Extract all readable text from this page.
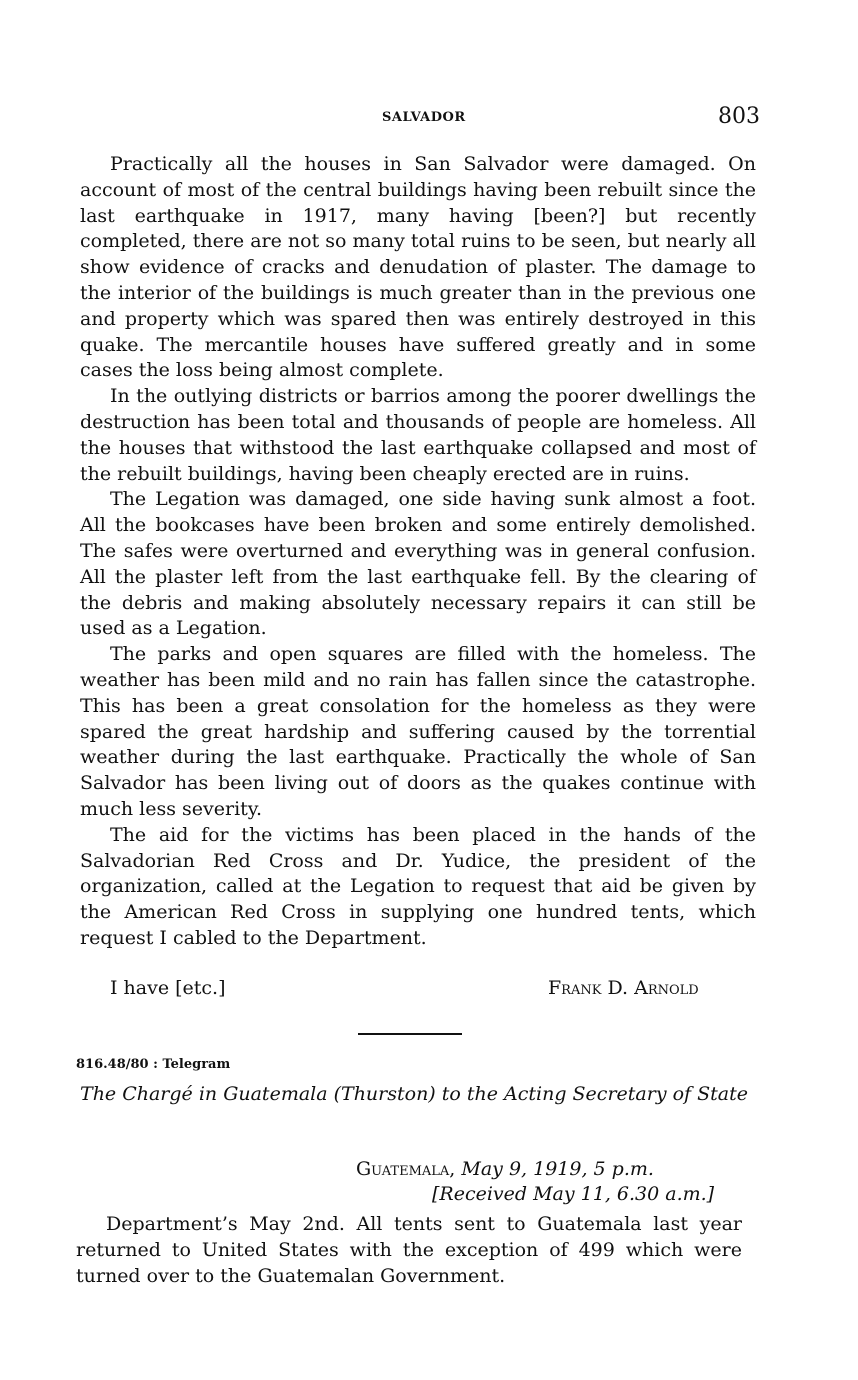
SALVADOR	803

Practically all the houses in San Salvador were damaged. On account of most of the central buildings having been rebuilt since the last earthquake in 1917, many having [been?] but recently completed, there are not so many total ruins to be seen, but nearly all show evidence of cracks and denudation of plaster. The damage to the interior of the buildings is much greater than in the previous one and property which was spared then was entirely destroyed in this quake. The mercantile houses have suffered greatly and in some cases the loss being almost complete.

In the outlying districts or barrios among the poorer dwellings the destruction has been total and thousands of people are homeless. All the houses that withstood the last earthquake collapsed and most of the rebuilt buildings, having been cheaply erected are in ruins.

The Legation was damaged, one side having sunk almost a foot. All the bookcases have been broken and some entirely demolished. The safes were overturned and everything was in general confusion. All the plaster left from the last earthquake fell. By the clearing of the debris and making absolutely necessary repairs it can still be used as a Legation.

The parks and open squares are filled with the homeless. The weather has been mild and no rain has fallen since the catastrophe. This has been a great consolation for the homeless as they were spared the great hardship and suffering caused by the torrential weather during the last earthquake. Practically the whole of San Salvador has been living out of doors as the quakes continue with much less severity.

The aid for the victims has been placed in the hands of the Salvadorian Red Cross and Dr. Yudice, the president of the organization, called at the Legation to request that aid be given by the American Red Cross in supplying one hundred tents, which request I cabled to the Department.

I have [etc.]	Frank D. Arnold
816.48/80 : Telegram
The Chargé in Guatemala (Thurston) to the Acting Secretary of State
Guatemala, May 9, 1919, 5 p.m.
[Received May 11, 6.30 a.m.]

Department’s May 2nd. All tents sent to Guatemala last year returned to United States with the exception of 499 which were turned over to the Guatemalan Government.
